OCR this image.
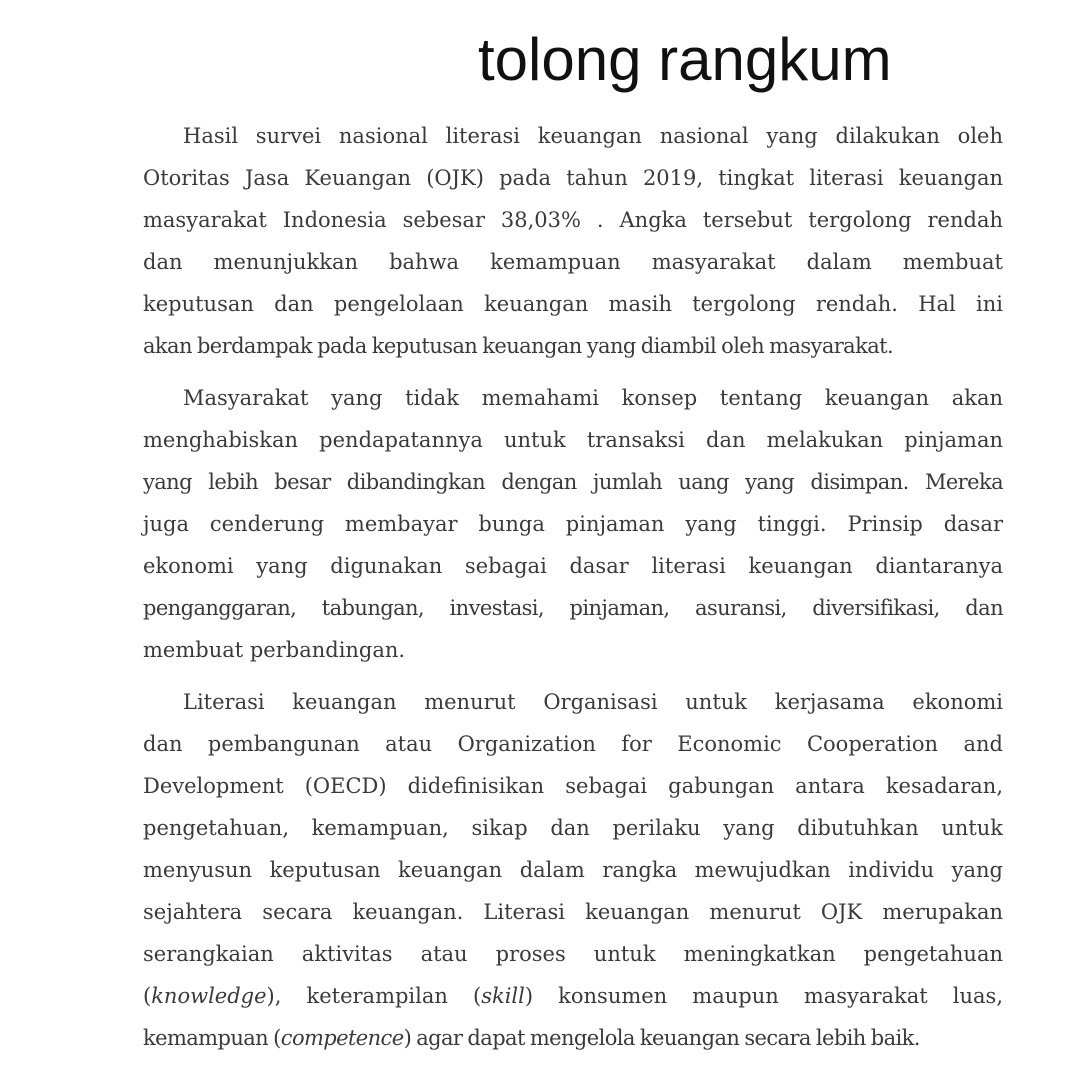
tolong rangkum

Hasil survei nasional literasi keuangan nasional yang dilakukan oleh
Otoritas Jasa Keuangan (OJK) pada tahun 2019, tingkat literasi keuangan
masyarakat Indonesia sebesar 38,03% . Angka tersebut tergolong rendah
dan menunjukkan bahwa kemampuan masyarakat dalam membuat
keputusan dan pengelolaan keuangan masih tergolong rendah. Hal ini
akan berdampak pada keputusan keuangan yang diambil oleh masyarakat.

Masyarakat yang tidak memahami konsep tentang keuangan akan
menghabiskan pendapatannya untuk transaksi dan melakukan pinjaman
yang lebih besar dibandingkan dengan jumlah uang yang disimpan. Mereka
juga cenderung membayar bunga pinjaman yang tinggi. Prinsip dasar
ekonomi yang digunakan sebagai dasar literasi keuangan diantaranya
penganggaran, tabungan, investasi, pinjaman, asuransi, diversifikasi, dan
membuat perbandingan.

Literasi keuangan menurut Organisasi untuk kerjasama ekonomi
dan pembangunan atau Organization for Economic Cooperation and
Development (OECD) didefinisikan sebagai gabungan antara kesadaran,
pengetahuan, kemampuan, sikap dan perilaku yang dibutuhkan untuk
menyusun keputusan keuangan dalam rangka mewujudkan individu yang
sejahtera secara keuangan. Literasi keuangan menurut OJK merupakan
serangkaian aktivitas atau proses untuk meningkatkan pengetahuan
(knowledge), keterampilan (skill) konsumen maupun masyarakat luas,
kemampuan (competence) agar dapat mengelola keuangan secara lebih baik.
